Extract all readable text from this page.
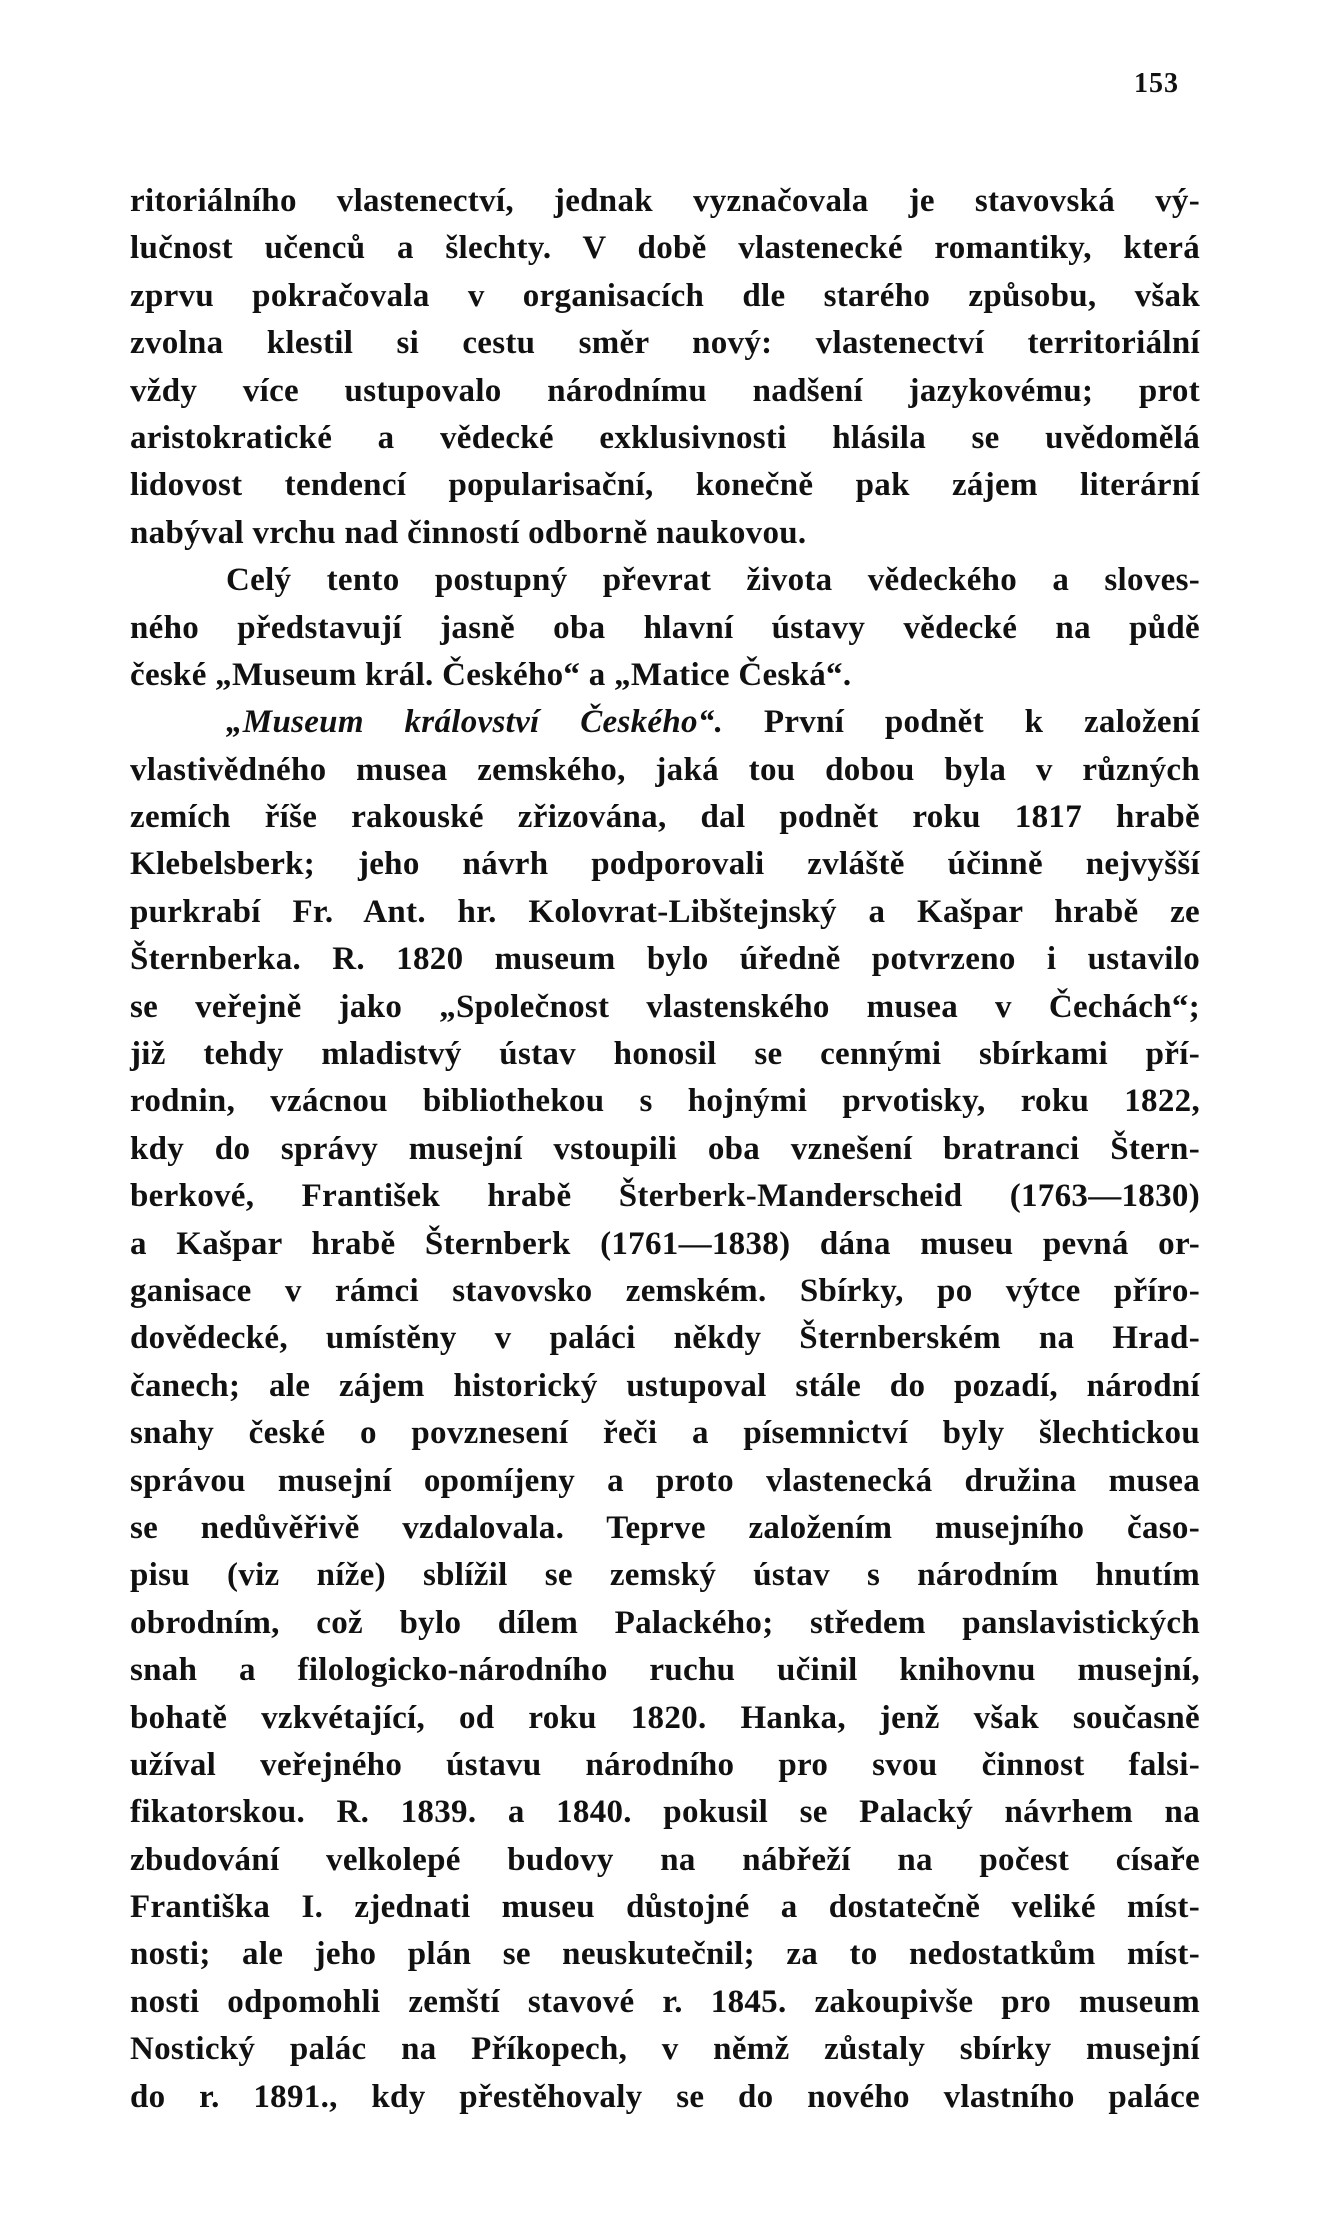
153
ritoriálního vlastenectví, jednak vyznačovala je stavovská vý-
lučnost učenců a šlechty. V době vlastenecké romantiky, která
zprvu pokračovala v organisacích dle starého způsobu, však
zvolna klestil si cestu směr nový: vlastenectví territoriální
vždy více ustupovalo národnímu nadšení jazykovému; prot
aristokratické a vědecké exklusivnosti hlásila se uvědomělá
lidovost tendencí popularisační, konečně pak zájem literární
nabýval vrchu nad činností odborně naukovou.
Celý tento postupný převrat života vědeckého a sloves-
ného představují jasně oba hlavní ústavy vědecké na půdě
české „Museum král. Českého“ a „Matice Česká“.
„Museum království Českého“. První podnět k založení
vlastivědného musea zemského, jaká tou dobou byla v různých
zemích říše rakouské zřizována, dal podnět roku 1817 hrabě
Klebelsberk; jeho návrh podporovali zvláště účinně nejvyšší
purkrabí Fr. Ant. hr. Kolovrat-Libštejnský a Kašpar hrabě ze
Šternberka. R. 1820 museum bylo úředně potvrzeno i ustavilo
se veřejně jako „Společnost vlastenského musea v Čechách“;
již tehdy mladistvý ústav honosil se cennými sbírkami pří-
rodnin, vzácnou bibliothekou s hojnými prvotisky, roku 1822,
kdy do správy musejní vstoupili oba vznešení bratranci Štern-
berkové, František hrabě Šterberk-Manderscheid (1763—1830)
a Kašpar hrabě Šternberk (1761—1838) dána museu pevná or-
ganisace v rámci stavovsko zemském. Sbírky, po výtce přírо-
dovědecké, umístěny v paláci někdy Šternberském na Hrad-
čanech; ale zájem historický ustupoval stále do pozadí, národní
snahy české o povznesení řeči a písemnictví byly šlechtickou
správou musejní opomíjeny a proto vlastenecká družina musea
se nedůvěřivě vzdalovala. Teprve založením musejního časo-
pisu (viz níže) sblížil se zemský ústav s národním hnutím
obrodním, což bylo dílem Palackého; středem panslavistických
snah a filologicko-národního ruchu učinil knihovnu musejní,
bohatě vzkvétající, od roku 1820. Hanka, jenž však současně
užíval veřejného ústavu národního pro svou činnost falsi-
fikatorskou. R. 1839. a 1840. pokusil se Palacký návrhem na
zbudování velkolepé budovy na nábřeží na počest císaře
Františka I. zjednati museu důstojné a dostatečně veliké míst-
nosti; ale jeho plán se neuskutečnil; za to nedostatkům míst-
nosti odpomohli zemští stavové r. 1845. zakoupivše pro museum
Nostický palác na Příkopech, v němž zůstaly sbírky musejní
do r. 1891., kdy přestěhovaly se do nového vlastního paláce
